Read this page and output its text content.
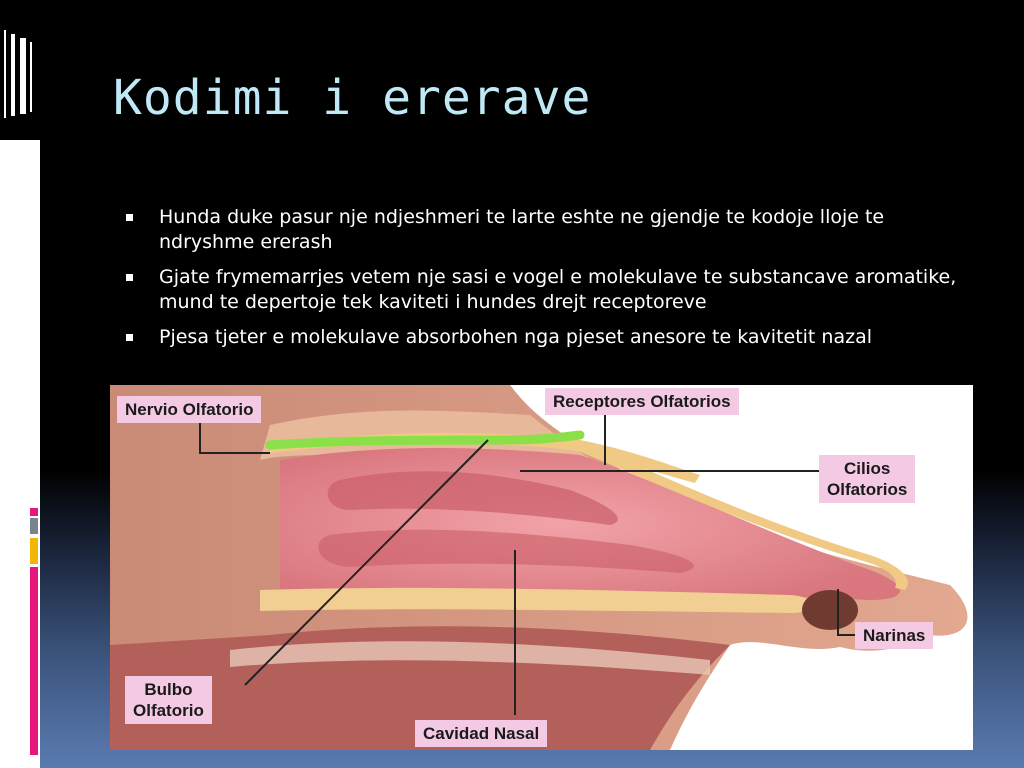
Kodimi i ererave
Hunda duke pasur nje ndjeshmeri te larte eshte ne gjendje te kodoje lloje te ndryshme ererash
Gjate frymemarrjes vetem nje sasi e vogel e molekulave te substancave aromatike, mund te depertoje tek kaviteti i hundes drejt receptoreve
Pjesa tjeter e molekulave absorbohen nga pjeset anesore te kavitetit nazal
Nervio Olfatorio	Receptores Olfatorios
Cilios
Olfatorios
Narinas
Bulbo
Olfatorio
Cavidad Nasal
